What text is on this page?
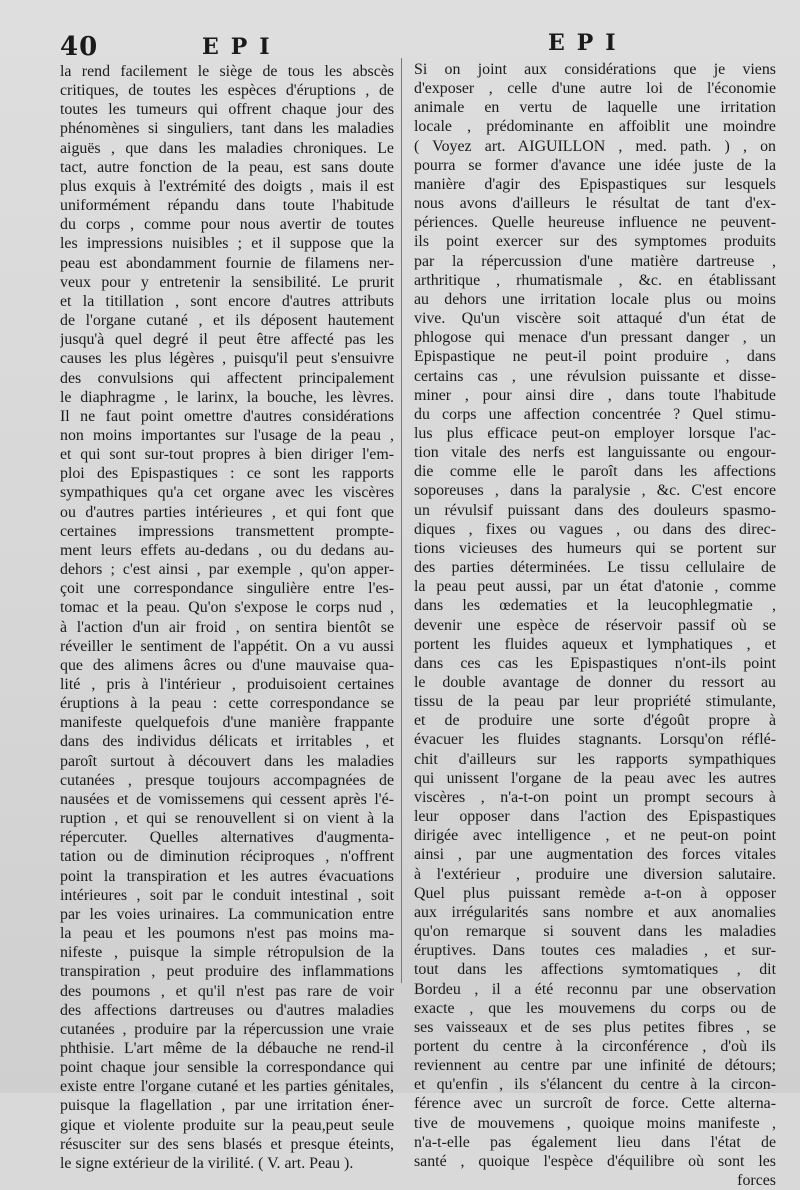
40	EPI	EPI
la rend facilement le siège de tous les abscès
critiques, de toutes les espèces d'éruptions , de
toutes les tumeurs qui offrent chaque jour des
phénomènes si singuliers, tant dans les maladies
aiguës , que dans les maladies chroniques. Le
tact, autre fonction de la peau, est sans doute
plus exquis à l'extrémité des doigts , mais il est
uniformément répandu dans toute l'habitude
du corps , comme pour nous avertir de toutes
les impressions nuisibles ; et il suppose que la
peau est abondamment fournie de filamens ner-
veux pour y entretenir la sensibilité. Le prurit
et la titillation , sont encore d'autres attributs
de l'organe cutané , et ils déposent hautement
jusqu'à quel degré il peut être affecté pas les
causes les plus légères , puisqu'il peut s'ensuivre
des convulsions qui affectent principalement
le diaphragme , le larinx, la bouche, les lèvres.
Il ne faut point omettre d'autres considérations
non moins importantes sur l'usage de la peau ,
et qui sont sur-tout propres à bien diriger l'em-
ploi des Epispastiques : ce sont les rapports
sympathiques qu'a cet organe avec les viscères
ou d'autres parties intérieures , et qui font que
certaines impressions transmettent prompte-
ment leurs effets au-dedans , ou du dedans au-
dehors ; c'est ainsi , par exemple , qu'on apper-
çoit une correspondance singulière entre l'es-
tomac et la peau. Qu'on s'expose le corps nud ,
à l'action d'un air froid , on sentira bientôt se
réveiller le sentiment de l'appétit. On a vu aussi
que des alimens âcres ou d'une mauvaise qua-
lité , pris à l'intérieur , produisoient certaines
éruptions à la peau : cette correspondance se
manifeste quelquefois d'une manière frappante
dans des individus délicats et irritables , et
paroît surtout à découvert dans les maladies
cutanées , presque toujours accompagnées de
nausées et de vomissemens qui cessent après l'é-
ruption , et qui se renouvellent si on vient à la
répercuter. Quelles alternatives d'augmenta-
tation ou de diminution réciproques , n'offrent
point la transpiration et les autres évacuations
intérieures , soit par le conduit intestinal , soit
par les voies urinaires. La communication entre
la peau et les poumons n'est pas moins ma-
nifeste , puisque la simple rétropulsion de la
transpiration , peut produire des inflammations
des poumons , et qu'il n'est pas rare de voir
des affections dartreuses ou d'autres maladies
cutanées , produire par la répercussion une vraie
phthisie. L'art même de la débauche ne rend-il
point chaque jour sensible la correspondance qui
existe entre l'organe cutané et les parties génitales,
puisque la flagellation , par une irritation éner-
gique et violente produite sur la peau,peut seule
résusciter sur des sens blasés et presque éteints,
le signe extérieur de la virilité. ( V. art. Peau ).
Si on joint aux considérations que je viens
d'exposer , celle d'une autre loi de l'économie
animale en vertu de laquelle une irritation
locale , prédominante en affoiblit une moindre
( Voyez art. AIGUILLON , med. path. ) , on
pourra se former d'avance une idée juste de la
manière d'agir des Epispastiques sur lesquels
nous avons d'ailleurs le résultat de tant d'ex-
périences. Quelle heureuse influence ne peuvent-
ils point exercer sur des symptomes produits
par la répercussion d'une matière dartreuse ,
arthritique , rhumatismale , &c. en établissant
au dehors une irritation locale plus ou moins
vive. Qu'un viscère soit attaqué d'un état de
phlogose qui menace d'un pressant danger , un
Epispastique ne peut-il point produire , dans
certains cas , une révulsion puissante et disse-
miner , pour ainsi dire , dans toute l'habitude
du corps une affection concentrée ? Quel stimu-
lus plus efficace peut-on employer lorsque l'ac-
tion vitale des nerfs est languissante ou engour-
die comme elle le paroît dans les affections
soporeuses , dans la paralysie , &c. C'est encore
un révulsif puissant dans des douleurs spasmo-
diques , fixes ou vagues , ou dans des direc-
tions vicieuses des humeurs qui se portent sur
des parties déterminées. Le tissu cellulaire de
la peau peut aussi, par un état d'atonie , comme
dans les œdematies et la leucophlegmatie ,
devenir une espèce de réservoir passif où se
portent les fluides aqueux et lymphatiques , et
dans ces cas les Epispastiques n'ont-ils point
le double avantage de donner du ressort au
tissu de la peau par leur propriété stimulante,
et de produire une sorte d'égoût propre à
évacuer les fluides stagnants. Lorsqu'on réflé-
chit d'ailleurs sur les rapports sympathiques
qui unissent l'organe de la peau avec les autres
viscères , n'a-t-on point un prompt secours à
leur opposer dans l'action des Epispastiques
dirigée avec intelligence , et ne peut-on point
ainsi , par une augmentation des forces vitales
à l'extérieur , produire une diversion salutaire.
Quel plus puissant remède a-t-on à opposer
aux irrégularités sans nombre et aux anomalies
qu'on remarque si souvent dans les maladies
éruptives. Dans toutes ces maladies , et sur-
tout dans les affections symtomatiques , dit
Bordeu , il a été reconnu par une observation
exacte , que les mouvemens du corps ou de
ses vaisseaux et de ses plus petites fibres , se
portent du centre à la circonférence , d'où ils
reviennent au centre par une infinité de détours;
et qu'enfin , ils s'élancent du centre à la circon-
férence avec un surcroît de force. Cette alterna-
tive de mouvemens , quoique moins manifeste ,
n'a-t-elle pas également lieu dans l'état de
santé , quoique l'espèce d'équilibre où sont les
forces
